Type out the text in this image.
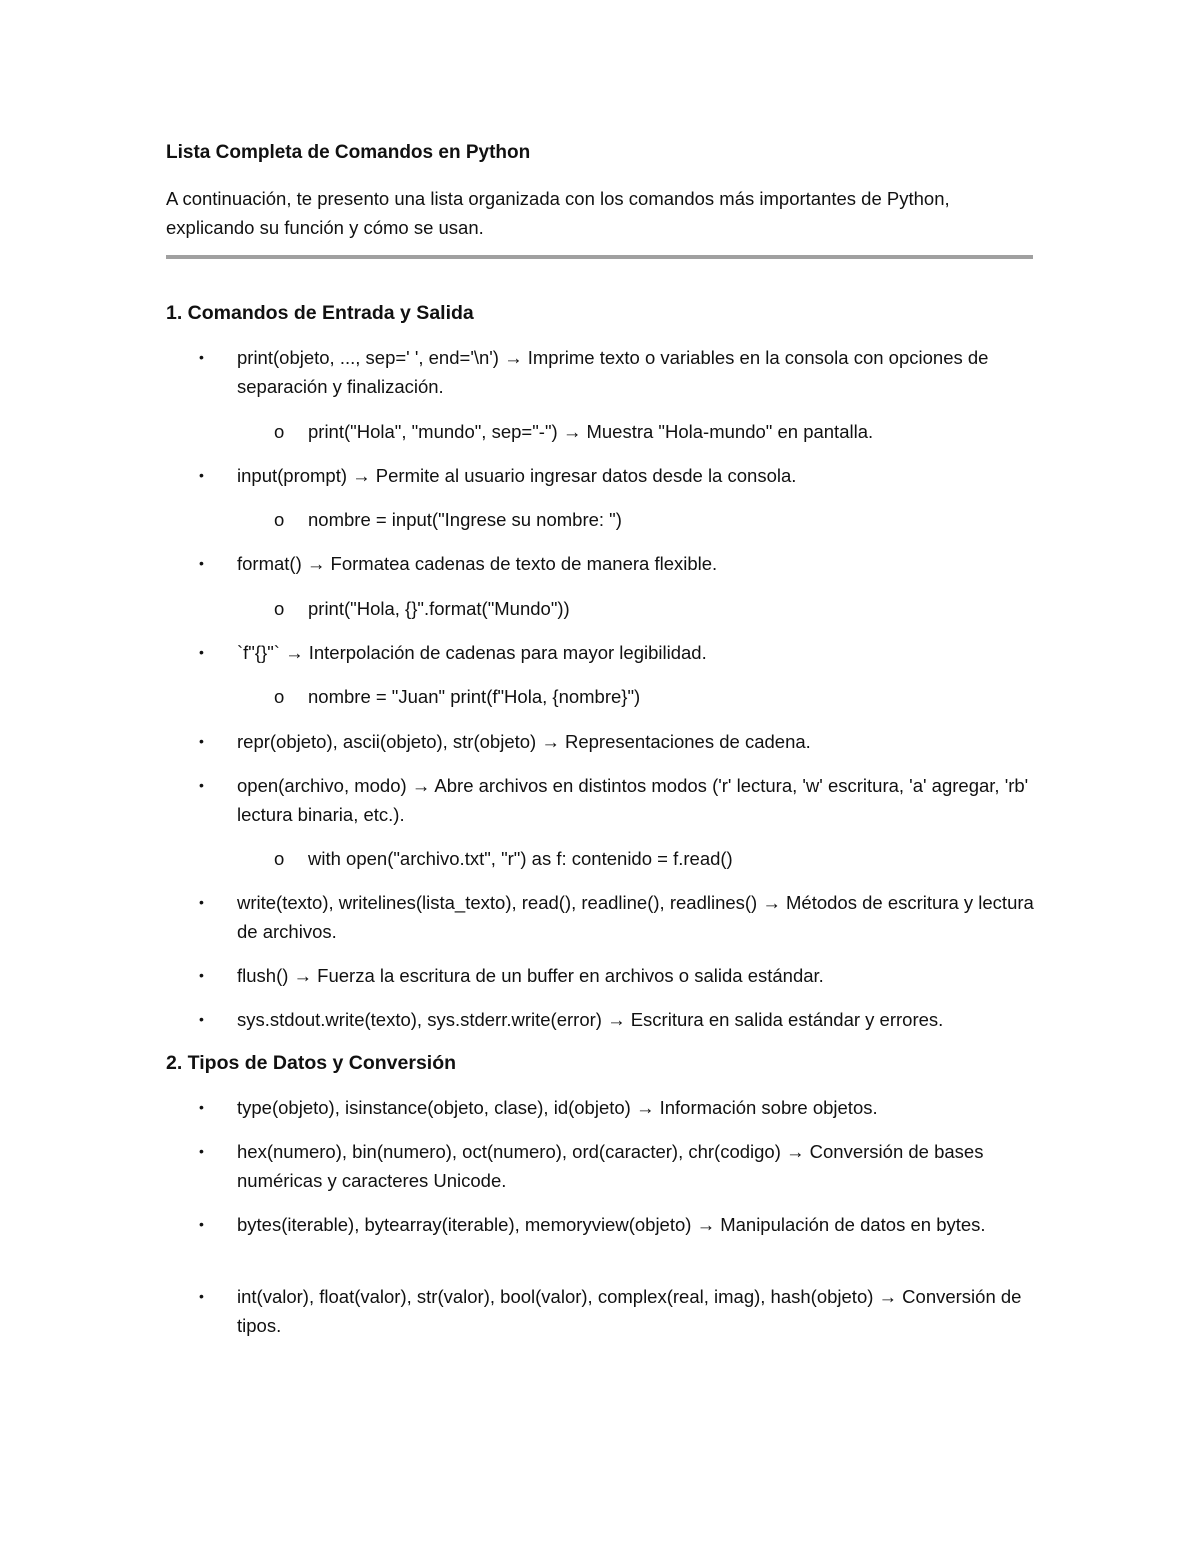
Lista Completa de Comandos en Python
A continuación, te presento una lista organizada con los comandos más importantes de Python, explicando su función y cómo se usan.
1. Comandos de Entrada y Salida
• print(objeto, ..., sep=' ', end='\n') → Imprime texto o variables en la consola con opciones de separación y finalización.
o print("Hola", "mundo", sep="-") → Muestra "Hola-mundo" en pantalla.
• input(prompt) → Permite al usuario ingresar datos desde la consola.
o nombre = input("Ingrese su nombre: ")
• format() → Formatea cadenas de texto de manera flexible.
o print("Hola, {}".format("Mundo"))
• `f"{}"` → Interpolación de cadenas para mayor legibilidad.
o nombre = "Juan" print(f"Hola, {nombre}")
• repr(objeto), ascii(objeto), str(objeto) → Representaciones de cadena.
• open(archivo, modo) → Abre archivos en distintos modos ('r' lectura, 'w' escritura, 'a' agregar, 'rb' lectura binaria, etc.).
o with open("archivo.txt", "r") as f: contenido = f.read()
• write(texto), writelines(lista_texto), read(), readline(), readlines() → Métodos de escritura y lectura de archivos.
• flush() → Fuerza la escritura de un buffer en archivos o salida estándar.
• sys.stdout.write(texto), sys.stderr.write(error) → Escritura en salida estándar y errores.
2. Tipos de Datos y Conversión
• type(objeto), isinstance(objeto, clase), id(objeto) → Información sobre objetos.
• hex(numero), bin(numero), oct(numero), ord(caracter), chr(codigo) → Conversión de bases numéricas y caracteres Unicode.
• bytes(iterable), bytearray(iterable), memoryview(objeto) → Manipulación de datos en bytes.
• int(valor), float(valor), str(valor), bool(valor), complex(real, imag), hash(objeto) → Conversión de tipos.
